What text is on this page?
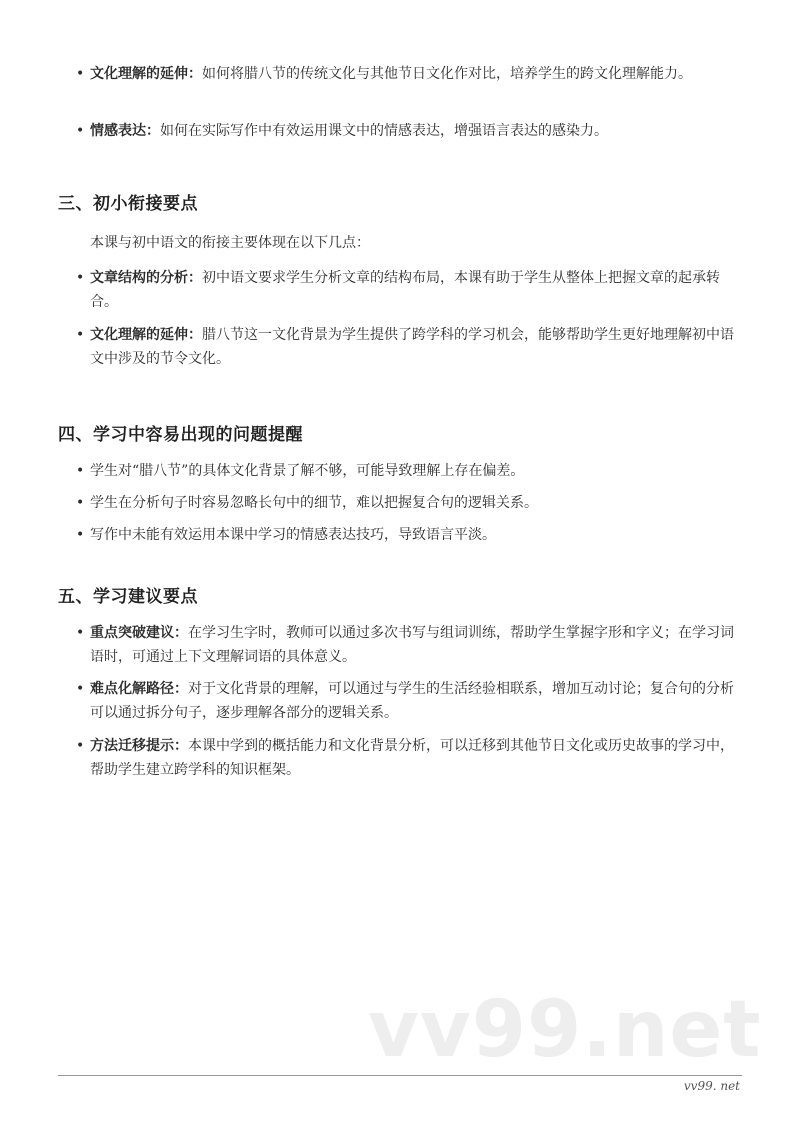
• 文化理解的延伸：如何将腊八节的传统文化与其他节日文化作对比，培养学生的跨文化理解能力。
• 情感表达：如何在实际写作中有效运用课文中的情感表达，增强语言表达的感染力。
三、初小衔接要点
本课与初中语文的衔接主要体现在以下几点：
• 文章结构的分析：初中语文要求学生分析文章的结构布局，本课有助于学生从整体上把握文章的起承转合。
• 文化理解的延伸：腊八节这一文化背景为学生提供了跨学科的学习机会，能够帮助学生更好地理解初中语文中涉及的节令文化。
四、学习中容易出现的问题提醒
• 学生对“腊八节”的具体文化背景了解不够，可能导致理解上存在偏差。
• 学生在分析句子时容易忽略长句中的细节，难以把握复合句的逻辑关系。
• 写作中未能有效运用本课中学习的情感表达技巧，导致语言平淡。
五、学习建议要点
• 重点突破建议：在学习生字时，教师可以通过多次书写与组词训练，帮助学生掌握字形和字义；在学习词语时，可通过上下文理解词语的具体意义。
• 难点化解路径：对于文化背景的理解，可以通过与学生的生活经验相联系，增加互动讨论；复合句的分析可以通过拆分句子，逐步理解各部分的逻辑关系。
• 方法迁移提示：本课中学到的概括能力和文化背景分析，可以迁移到其他节日文化或历史故事的学习中，帮助学生建立跨学科的知识框架。
vv99.net
vv99. net
